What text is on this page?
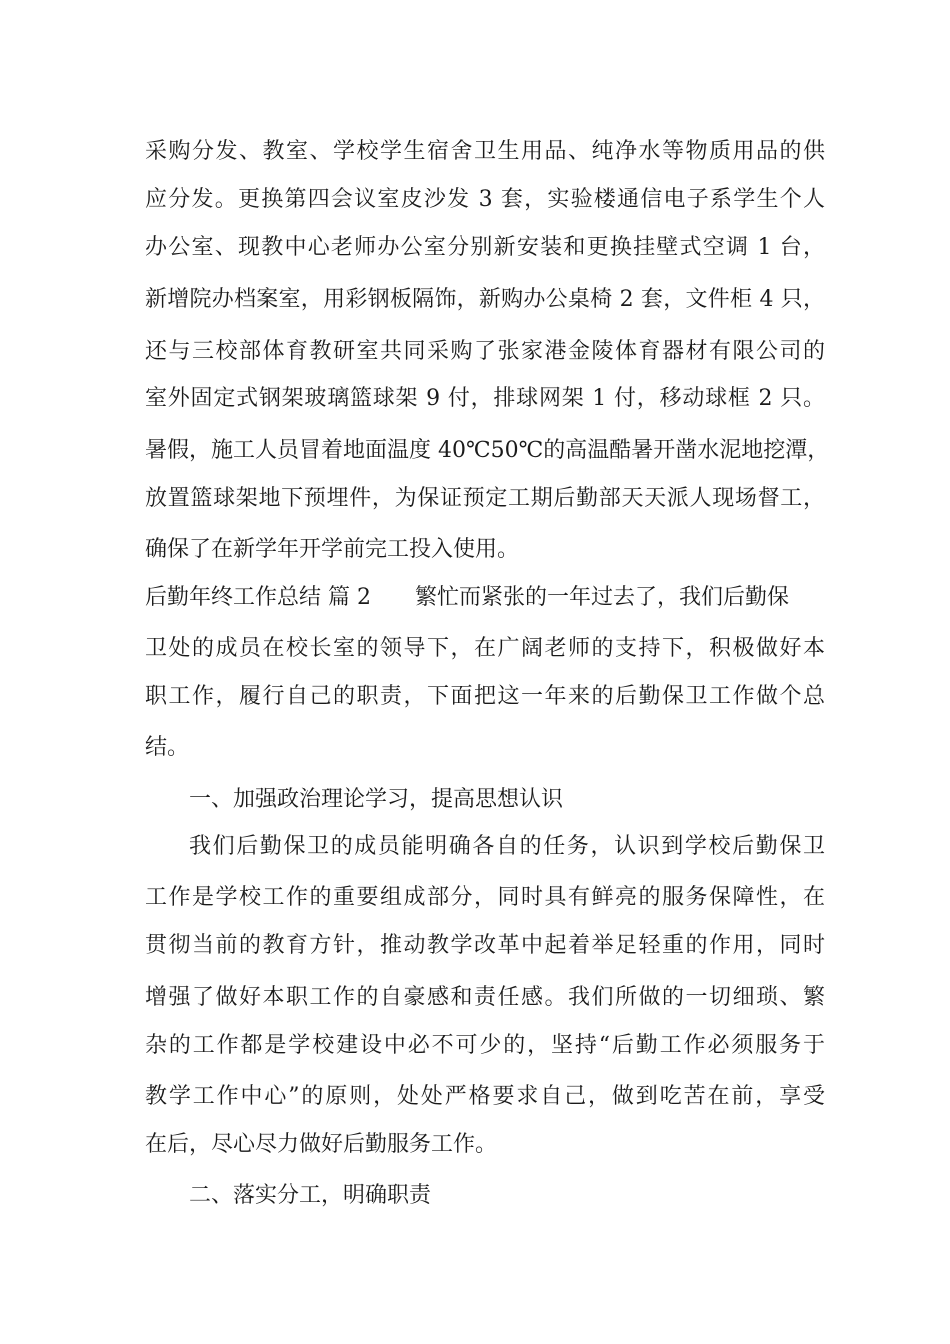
采购分发、教室、学校学生宿舍卫生用品、纯净水等物质用品的供
应分发。更换第四会议室皮沙发 3 套，实验楼通信电子系学生个人
办公室、现教中心老师办公室分别新安装和更换挂壁式空调 1 台，
新增院办档案室，用彩钢板隔饰，新购办公桌椅 2 套，文件柜 4 只，
还与三校部体育教研室共同采购了张家港金陵体育器材有限公司的
室外固定式钢架玻璃篮球架 9 付，排球网架 1 付，移动球框 2 只。
暑假，施工人员冒着地面温度 40℃50℃的高温酷暑开凿水泥地挖潭，
放置篮球架地下预埋件，为保证预定工期后勤部天天派人现场督工，
确保了在新学年开学前完工投入使用。
后勤年终工作总结 篇 2 繁忙而紧张的一年过去了，我们后勤保
卫处的成员在校长室的领导下，在广阔老师的支持下，积极做好本
职工作，履行自己的职责，下面把这一年来的后勤保卫工作做个总
结。
一、加强政治理论学习，提高思想认识
我们后勤保卫的成员能明确各自的任务，认识到学校后勤保卫
工作是学校工作的重要组成部分，同时具有鲜亮的服务保障性，在
贯彻当前的教育方针，推动教学改革中起着举足轻重的作用，同时
增强了做好本职工作的自豪感和责任感。我们所做的一切细琐、繁
杂的工作都是学校建设中必不可少的，坚持“后勤工作必须服务于
教学工作中心”的原则，处处严格要求自己，做到吃苦在前，享受
在后，尽心尽力做好后勤服务工作。
二、落实分工，明确职责
